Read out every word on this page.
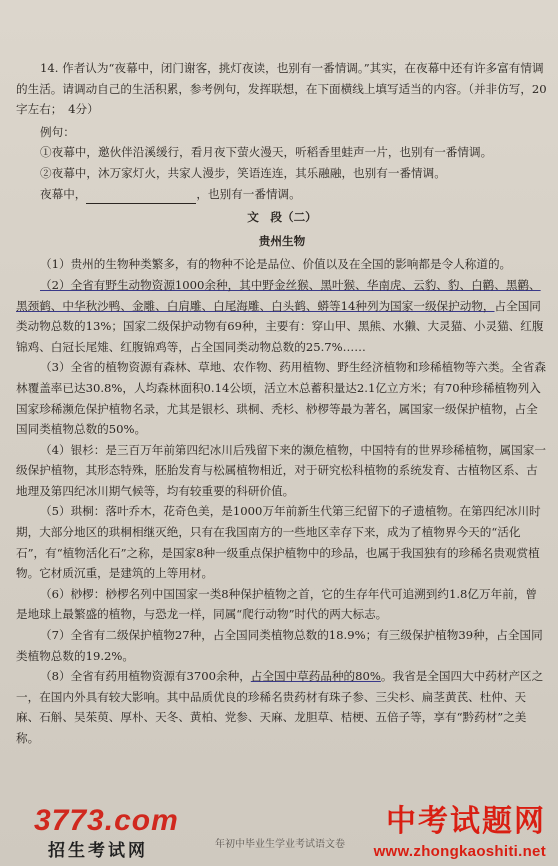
14. 作者认为“夜幕中，闭门谢客，挑灯夜读，也别有一番情调。”其实，在夜幕中还有许多富有情调的生活。请调动自己的生活积累，参考例句，发挥联想，在下面横线上填写适当的内容。（并非仿写，20字左右；　4分）

例句：

①夜幕中，邀伙伴沿溪缓行，看月夜下萤火漫天，听稻香里蛙声一片，也别有一番情调。

②夜幕中，沐万家灯火，共家人漫步，笑语连连，其乐融融，也别有一番情调。

夜幕中，	，也别有一番情调。

文　段（二）

贵州生物

（1）贵州的生物种类繁多，有的物种不论是品位、价值以及在全国的影响都是令人称道的。

（2）全省有野生动物资源1000余种，其中野金丝猴、黑叶猴、华南虎、云豹、豹、白鹳、黑鹳、黑颈鹤、中华秋沙鸭、金雕、白肩雕、白尾海雕、白头鹤、蟒等14种列为国家一级保护动物，占全国同类动物总数的13%；国家二级保护动物有69种，主要有：穿山甲、黑熊、水獭、大灵猫、小灵猫、红腹锦鸡、白冠长尾雉、红腹锦鸡等，占全国同类动物总数的25.7%……

（3）全省的植物资源有森林、草地、农作物、药用植物、野生经济植物和珍稀植物等六类。全省森林覆盖率已达30.8%，人均森林面积0.14公顷，活立木总蓄积量达2.1亿立方米；有70种珍稀植物列入国家珍稀濒危保护植物名录，尤其是银杉、珙桐、秃杉、桫椤等最为著名，属国家一级保护植物，占全国同类植物总数的50%。

（4）银杉：是三百万年前第四纪冰川后残留下来的濒危植物，中国特有的世界珍稀植物，属国家一级保护植物，其形态特殊，胚胎发育与松属植物相近，对于研究松科植物的系统发育、古植物区系、古地理及第四纪冰川期气候等，均有较重要的科研价值。

（5）珙桐：落叶乔木，花奇色美，是1000万年前新生代第三纪留下的孑遗植物。在第四纪冰川时期，大部分地区的珙桐相继灭绝，只有在我国南方的一些地区幸存下来，成为了植物界今天的“活化石”，有“植物活化石”之称，是国家8种一级重点保护植物中的珍品，也属于我国独有的珍稀名贵观赏植物。它材质沉重，是建筑的上等用材。

（6）桫椤：桫椤名列中国国家一类8种保护植物之首，它的生存年代可追溯到约1.8亿万年前，曾是地球上最繁盛的植物，与恐龙一样，同属“爬行动物”时代的两大标志。

（7）全省有二级保护植物27种，占全国同类植物总数的18.9%；有三级保护植物39种，占全国同类植物总数的19.2%。

（8）全省有药用植物资源有3700余种，占全国中草药品种的80%。我省是全国四大中药材产区之一，在国内外具有较大影响。其中品质优良的珍稀名贵药材有珠子参、三尖杉、扁茎黄芪、杜仲、天麻、石斛、吴茱萸、厚朴、天冬、黄柏、党参、天麻、龙胆草、桔梗、五倍子等，享有“黔药材”之美称。

3773.com
招生考试网	年初中毕业生学业考试语文卷
中考试题网
www.zhongkaoshiti.net
